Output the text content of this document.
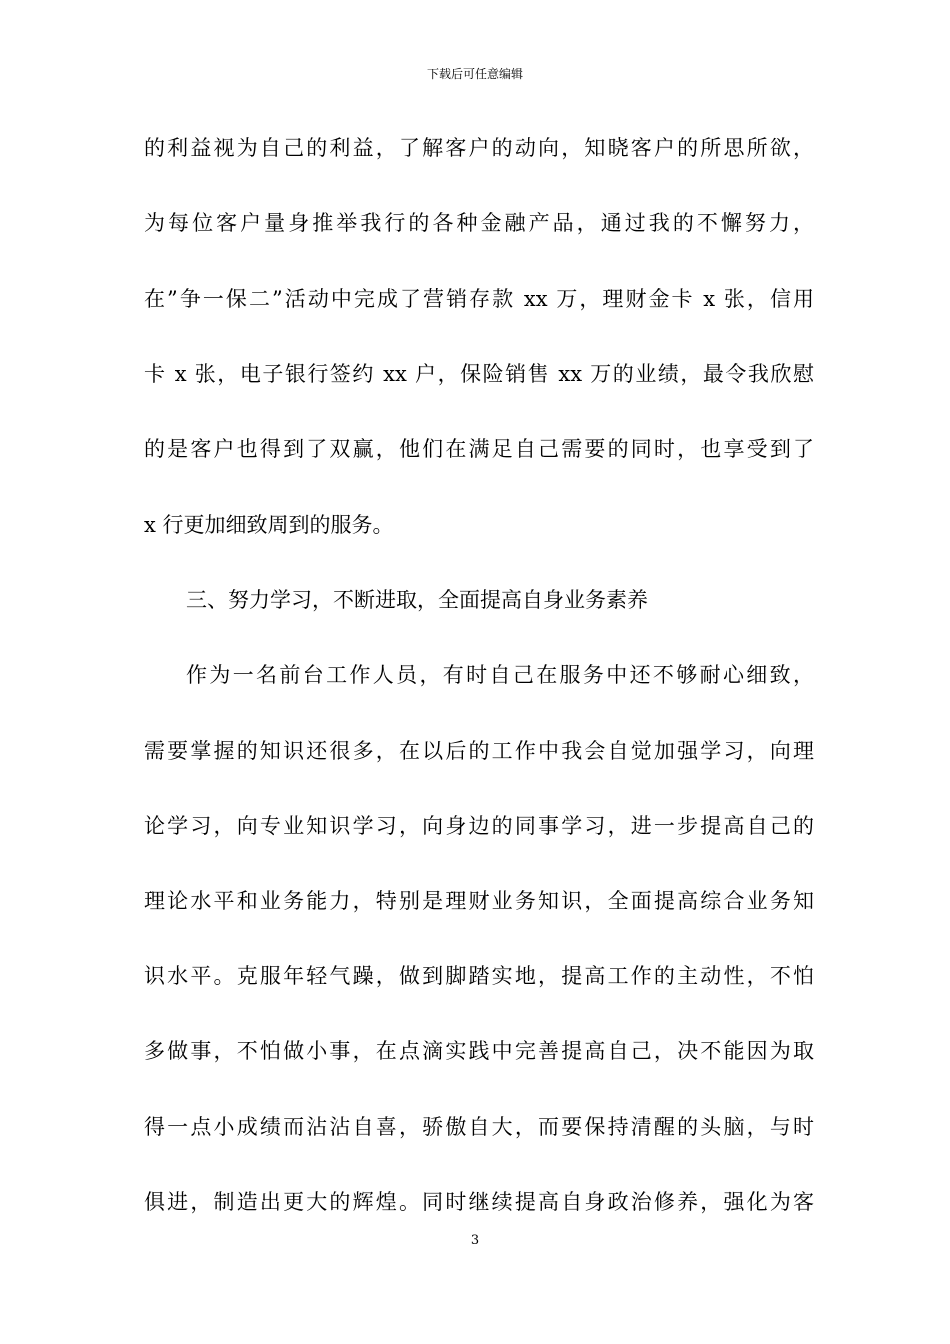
下载后可任意编辑
的利益视为自己的利益，了解客户的动向，知晓客户的所思所欲，
为每位客户量身推举我行的各种金融产品，通过我的不懈努力，
在”争一保二”活动中完成了营销存款 xx 万，理财金卡 x 张，信用
卡 x 张，电子银行签约 xx 户，保险销售 xx 万的业绩，最令我欣慰
的是客户也得到了双赢，他们在满足自己需要的同时，也享受到了
x 行更加细致周到的服务。
三、努力学习，不断进取，全面提高自身业务素养
作为一名前台工作人员，有时自己在服务中还不够耐心细致，
需要掌握的知识还很多，在以后的工作中我会自觉加强学习，向理
论学习，向专业知识学习，向身边的同事学习，进一步提高自己的
理论水平和业务能力，特别是理财业务知识，全面提高综合业务知
识水平。克服年轻气躁，做到脚踏实地，提高工作的主动性，不怕
多做事，不怕做小事，在点滴实践中完善提高自己，决不能因为取
得一点小成绩而沾沾自喜，骄傲自大，而要保持清醒的头脑，与时
俱进，制造出更大的辉煌。同时继续提高自身政治修养，强化为客
3
